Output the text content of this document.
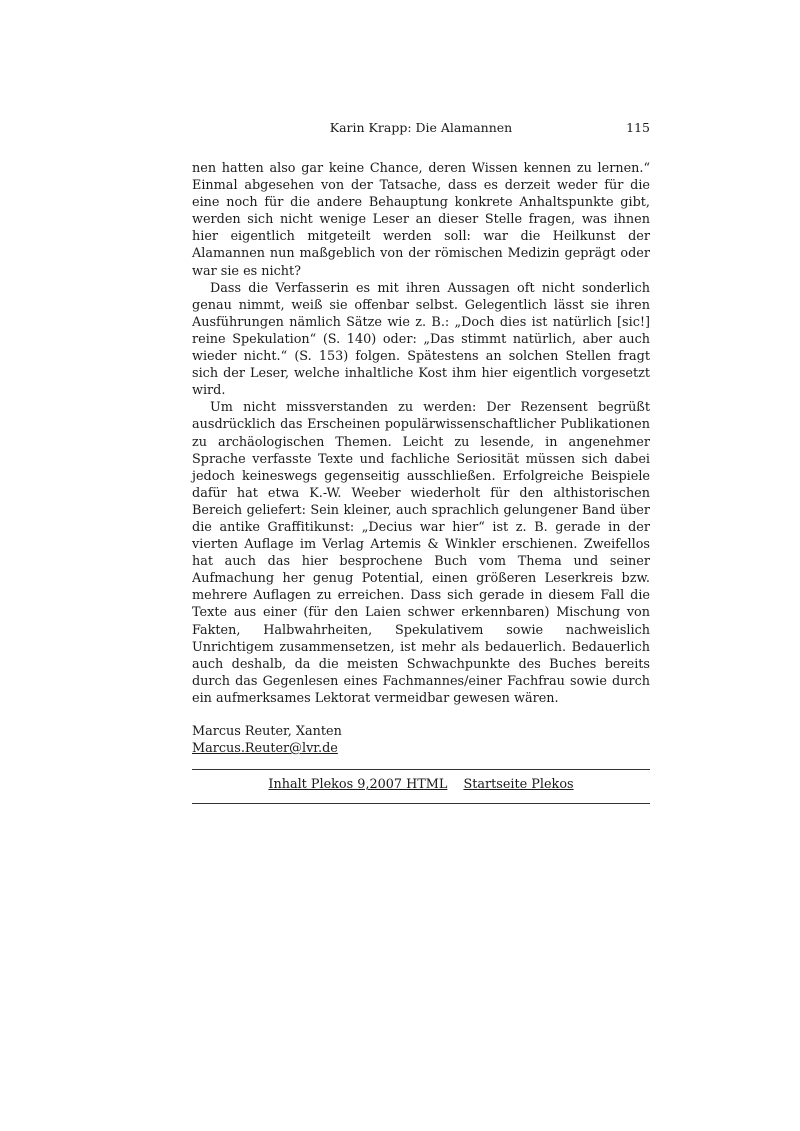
Karin Krapp: Die Alamannen	115

nen hatten also gar keine Chance, deren Wissen kennen zu lernen.“ Einmal abgesehen von der Tatsache, dass es derzeit weder für die eine noch für die andere Behauptung konkrete Anhaltspunkte gibt, werden sich nicht wenige Leser an dieser Stelle fragen, was ihnen hier eigentlich mitgeteilt werden soll: war die Heilkunst der Alamannen nun maßgeblich von der römischen Medizin geprägt oder war sie es nicht?

Dass die Verfasserin es mit ihren Aussagen oft nicht sonderlich genau nimmt, weiß sie offenbar selbst. Gelegentlich lässt sie ihren Ausführungen nämlich Sätze wie z. B.: „Doch dies ist natürlich [sic!] reine Spekulation“ (S. 140) oder: „Das stimmt natürlich, aber auch wieder nicht.“ (S. 153) folgen. Spätestens an solchen Stellen fragt sich der Leser, welche inhaltliche Kost ihm hier eigentlich vorgesetzt wird.

Um nicht missverstanden zu werden: Der Rezensent begrüßt ausdrücklich das Erscheinen populärwissenschaftlicher Publikationen zu archäologischen Themen. Leicht zu lesende, in angenehmer Sprache verfasste Texte und fachliche Seriosität müssen sich dabei jedoch keineswegs gegenseitig ausschließen. Erfolgreiche Beispiele dafür hat etwa K.-W. Weeber wiederholt für den althistorischen Bereich geliefert: Sein kleiner, auch sprachlich gelungener Band über die antike Graffitikunst: „Decius war hier“ ist z. B. gerade in der vierten Auflage im Verlag Artemis & Winkler erschienen. Zweifellos hat auch das hier besprochene Buch vom Thema und seiner Aufmachung her genug Potential, einen größeren Leserkreis bzw. mehrere Auflagen zu erreichen. Dass sich gerade in diesem Fall die Texte aus einer (für den Laien schwer erkennbaren) Mischung von Fakten, Halbwahrheiten, Spekulativem sowie nachweislich Unrichtigem zusammensetzen, ist mehr als bedauerlich. Bedauerlich auch deshalb, da die meisten Schwachpunkte des Buches bereits durch das Gegenlesen eines Fachmannes/einer Fachfrau sowie durch ein aufmerksames Lektorat vermeidbar gewesen wären.

Marcus Reuter, Xanten
Marcus.Reuter@lvr.de
Inhalt Plekos 9,2007 HTML Startseite Plekos
